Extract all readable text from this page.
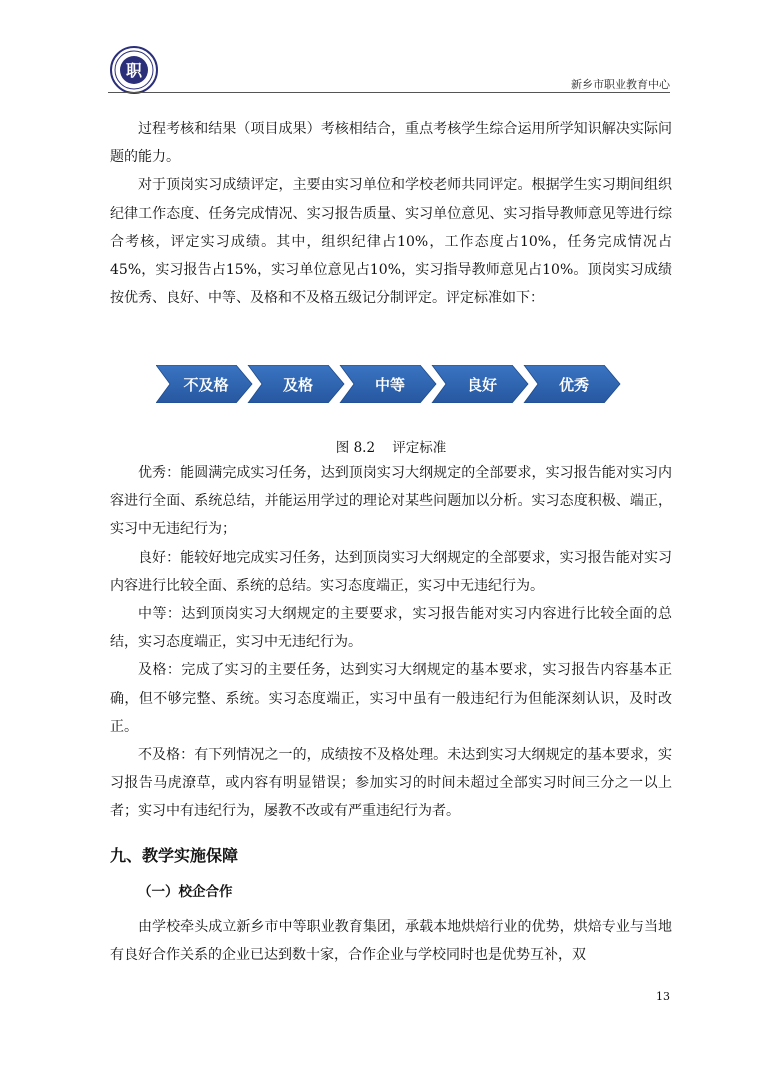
职
新乡市职业教育中心

过程考核和结果（项目成果）考核相结合，重点考核学生综合运用所学知识解决实际问题的能力。

对于顶岗实习成绩评定，主要由实习单位和学校老师共同评定。根据学生实习期间组织纪律工作态度、任务完成情况、实习报告质量、实习单位意见、实习指导教师意见等进行综合考核，评定实习成绩。其中，组织纪律占10%，工作态度占10%，任务完成情况占45%，实习报告占15%，实习单位意见占10%，实习指导教师意见占10%。顶岗实习成绩按优秀、良好、中等、及格和不及格五级记分制评定。评定标准如下：

不及格	及格	中等	良好	优秀
图 8.2 评定标准

优秀：能圆满完成实习任务，达到顶岗实习大纲规定的全部要求，实习报告能对实习内容进行全面、系统总结，并能运用学过的理论对某些问题加以分析。实习态度积极、端正，实习中无违纪行为；

良好：能较好地完成实习任务，达到顶岗实习大纲规定的全部要求，实习报告能对实习内容进行比较全面、系统的总结。实习态度端正，实习中无违纪行为。

中等：达到顶岗实习大纲规定的主要要求，实习报告能对实习内容进行比较全面的总结，实习态度端正，实习中无违纪行为。

及格：完成了实习的主要任务，达到实习大纲规定的基本要求，实习报告内容基本正确，但不够完整、系统。实习态度端正，实习中虽有一般违纪行为但能深刻认识，及时改正。

不及格：有下列情况之一的，成绩按不及格处理。未达到实习大纲规定的基本要求，实习报告马虎潦草，或内容有明显错误；参加实习的时间未超过全部实习时间三分之一以上者；实习中有违纪行为，屡教不改或有严重违纪行为者。

九、教学实施保障
（一）校企合作

由学校牵头成立新乡市中等职业教育集团，承载本地烘焙行业的优势，烘焙专业与当地有良好合作关系的企业已达到数十家，合作企业与学校同时也是优势互补，双

13
